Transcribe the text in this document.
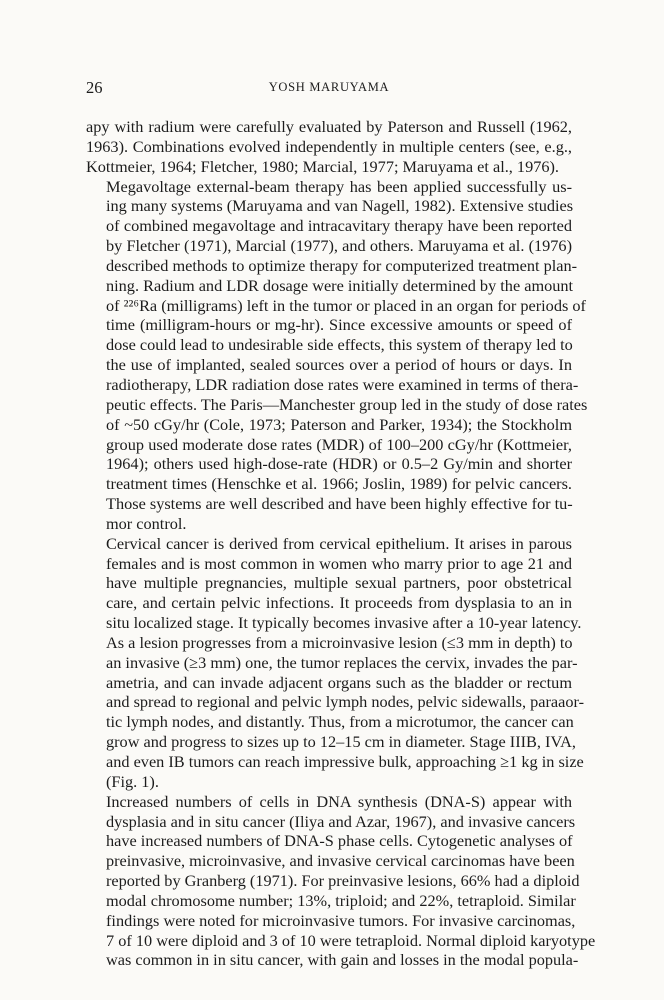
26	YOSH MARUYAMA

apy with radium were carefully evaluated by Paterson and Russell (1962,
1963). Combinations evolved independently in multiple centers (see, e.g.,
Kottmeier, 1964; Fletcher, 1980; Marcial, 1977; Maruyama et al., 1976).

Megavoltage external-beam therapy has been applied successfully us-
ing many systems (Maruyama and van Nagell, 1982). Extensive studies
of combined megavoltage and intracavitary therapy have been reported
by Fletcher (1971), Marcial (1977), and others. Maruyama et al. (1976)
described methods to optimize therapy for computerized treatment plan-
ning. Radium and LDR dosage were initially determined by the amount
of ²²⁶Ra (milligrams) left in the tumor or placed in an organ for periods of
time (milligram-hours or mg-hr). Since excessive amounts or speed of
dose could lead to undesirable side effects, this system of therapy led to
the use of implanted, sealed sources over a period of hours or days. In
radiotherapy, LDR radiation dose rates were examined in terms of thera-
peutic effects. The Paris—Manchester group led in the study of dose rates
of ~50 cGy/hr (Cole, 1973; Paterson and Parker, 1934); the Stockholm
group used moderate dose rates (MDR) of 100–200 cGy/hr (Kottmeier,
1964); others used high-dose-rate (HDR) or 0.5–2 Gy/min and shorter
treatment times (Henschke et al. 1966; Joslin, 1989) for pelvic cancers.
Those systems are well described and have been highly effective for tu-
mor control.

Cervical cancer is derived from cervical epithelium. It arises in parous
females and is most common in women who marry prior to age 21 and
have multiple pregnancies, multiple sexual partners, poor obstetrical
care, and certain pelvic infections. It proceeds from dysplasia to an in
situ localized stage. It typically becomes invasive after a 10-year latency.
As a lesion progresses from a microinvasive lesion (≤3 mm in depth) to
an invasive (≥3 mm) one, the tumor replaces the cervix, invades the par-
ametria, and can invade adjacent organs such as the bladder or rectum
and spread to regional and pelvic lymph nodes, pelvic sidewalls, paraaor-
tic lymph nodes, and distantly. Thus, from a microtumor, the cancer can
grow and progress to sizes up to 12–15 cm in diameter. Stage IIIB, IVA,
and even IB tumors can reach impressive bulk, approaching ≥1 kg in size
(Fig. 1).

Increased numbers of cells in DNA synthesis (DNA-S) appear with
dysplasia and in situ cancer (Iliya and Azar, 1967), and invasive cancers
have increased numbers of DNA-S phase cells. Cytogenetic analyses of
preinvasive, microinvasive, and invasive cervical carcinomas have been
reported by Granberg (1971). For preinvasive lesions, 66% had a diploid
modal chromosome number; 13%, triploid; and 22%, tetraploid. Similar
findings were noted for microinvasive tumors. For invasive carcinomas,
7 of 10 were diploid and 3 of 10 were tetraploid. Normal diploid karyotype
was common in in situ cancer, with gain and losses in the modal popula-
